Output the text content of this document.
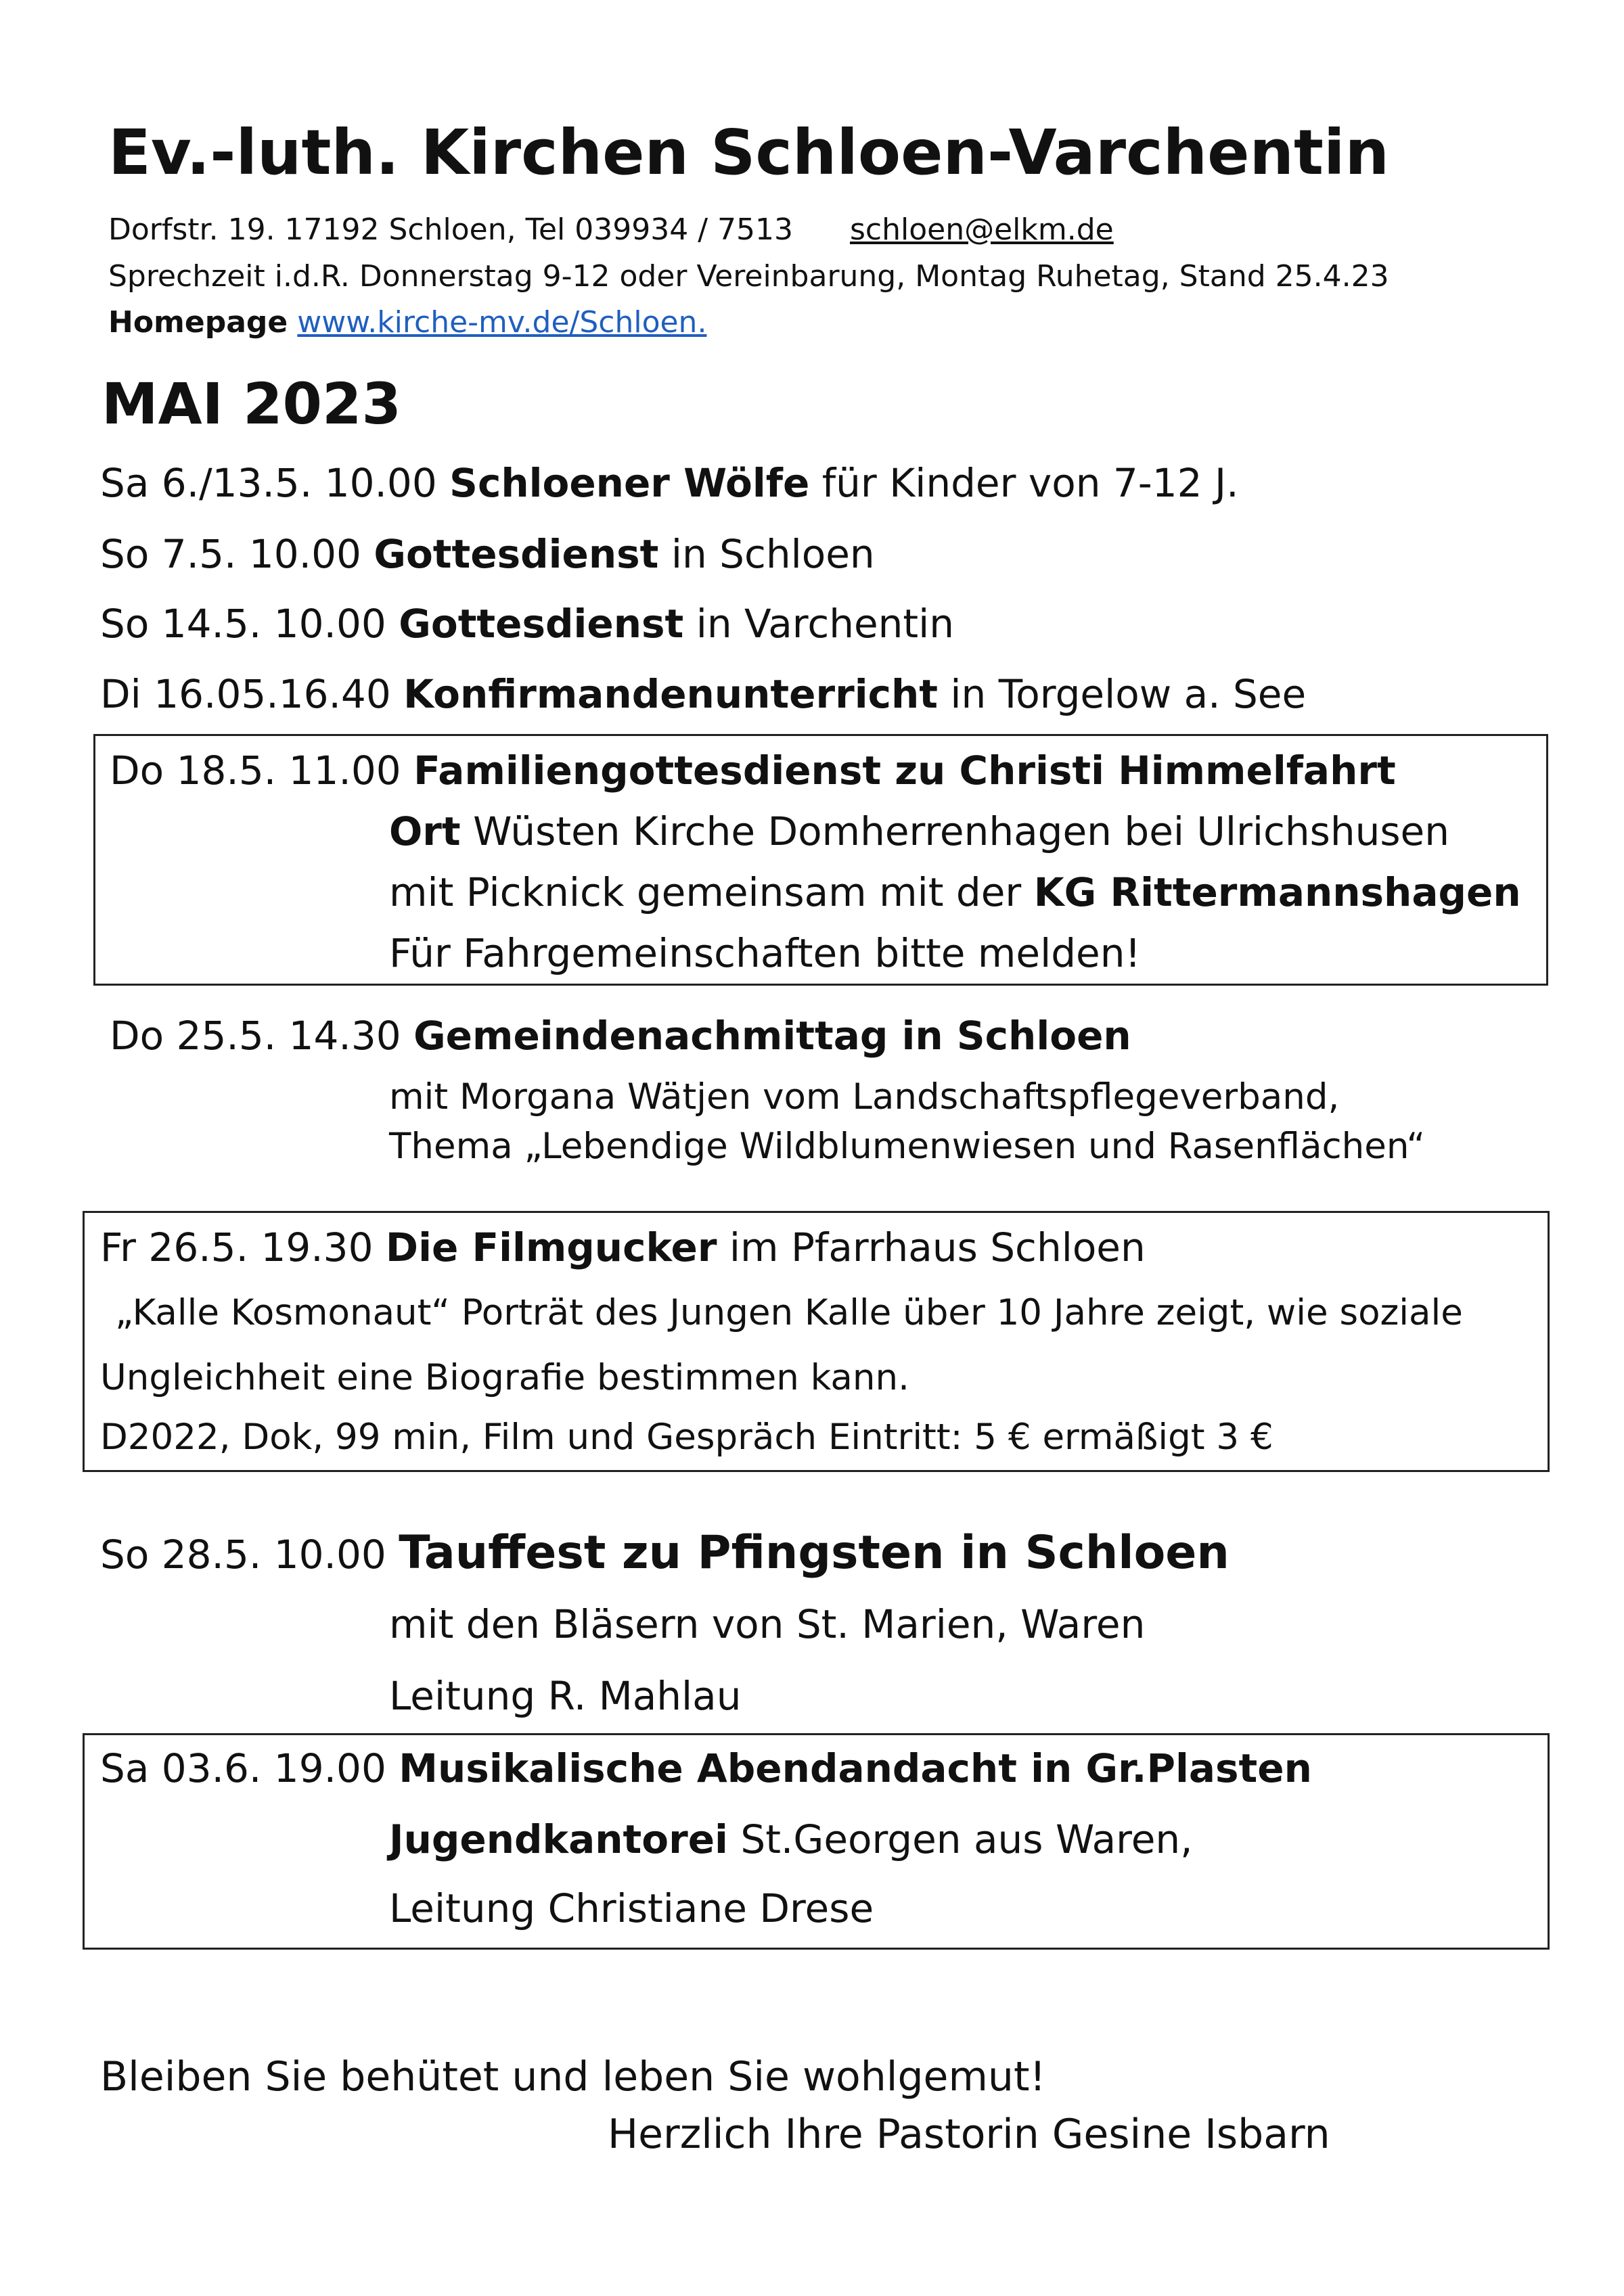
Ev.-luth. Kirchen Schloen-Varchentin
Dorfstr. 19. 17192 Schloen, Tel 039934 / 7513 schloen@elkm.de
Sprechzeit i.d.R. Donnerstag 9-12 oder Vereinbarung, Montag Ruhetag, Stand 25.4.23
Homepage www.kirche-mv.de/Schloen.
MAI 2023
Sa 6./13.5. 10.00 Schloener Wölfe für Kinder von 7-12 J.
So 7.5. 10.00 Gottesdienst in Schloen
So 14.5. 10.00 Gottesdienst in Varchentin
Di 16.05.16.40 Konfirmandenunterricht in Torgelow a. See
Do 18.5. 11.00 Familiengottesdienst zu Christi Himmelfahrt
Ort Wüsten Kirche Domherrenhagen bei Ulrichshusen
mit Picknick gemeinsam mit der KG Rittermannshagen
Für Fahrgemeinschaften bitte melden!
Do 25.5. 14.30 Gemeindenachmittag in Schloen
mit Morgana Wätjen vom Landschaftspflegeverband,
Thema „Lebendige Wildblumenwiesen und Rasenflächen“
Fr 26.5. 19.30 Die Filmgucker im Pfarrhaus Schloen
„Kalle Kosmonaut“ Porträt des Jungen Kalle über 10 Jahre zeigt, wie soziale
Ungleichheit eine Biografie bestimmen kann.
D2022, Dok, 99 min, Film und Gespräch Eintritt: 5 € ermäßigt 3 €
So 28.5. 10.00 Tauffest zu Pfingsten in Schloen
mit den Bläsern von St. Marien, Waren
Leitung R. Mahlau
Sa 03.6. 19.00 Musikalische Abendandacht in Gr.Plasten
Jugendkantorei St.Georgen aus Waren,
Leitung Christiane Drese
Bleiben Sie behütet und leben Sie wohlgemut!
Herzlich Ihre Pastorin Gesine Isbarn
